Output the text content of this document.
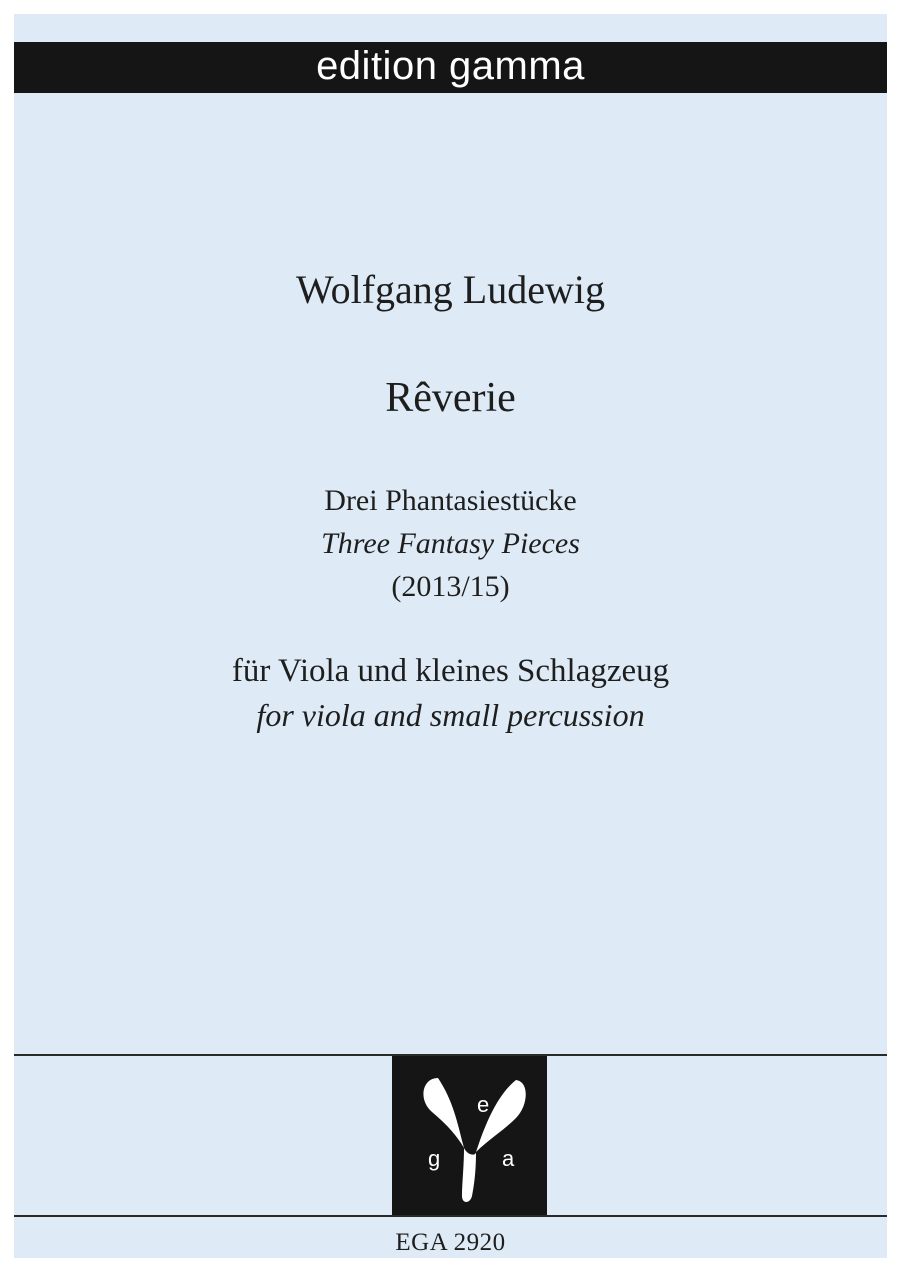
edition gamma
Wolfgang Ludewig
Rêverie
Drei Phantasiestücke
Three Fantasy Pieces
(2013/15)
für Viola und kleines Schlagzeug
for viola and small percussion
e
g	a
EGA 2920
